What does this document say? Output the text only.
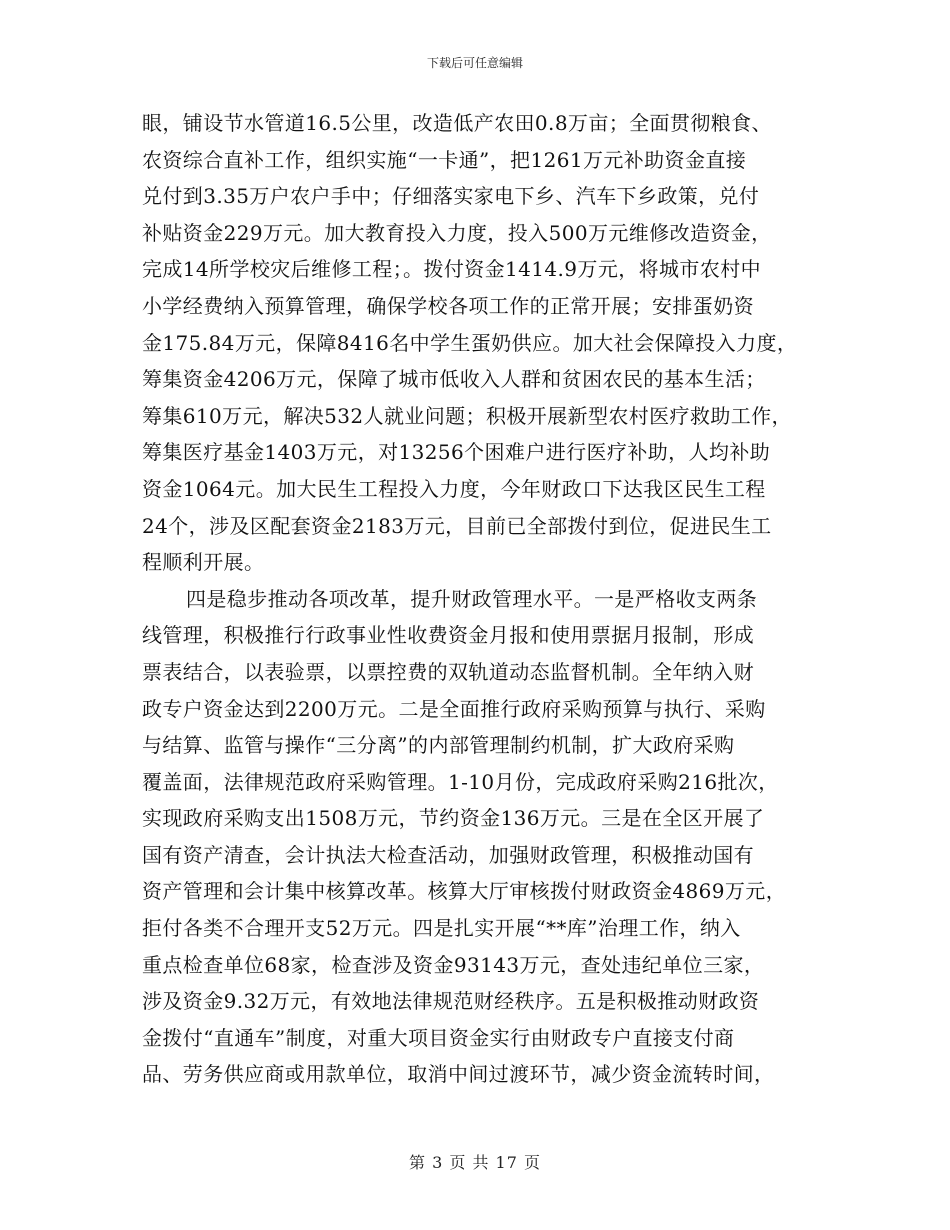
下载后可任意编辑
眼，铺设节水管道16.5公里，改造低产农田0.8万亩；全面贯彻粮食、
农资综合直补工作，组织实施“一卡通”，把1261万元补助资金直接
兑付到3.35万户农户手中；仔细落实家电下乡、汽车下乡政策，兑付
补贴资金229万元。加大教育投入力度，投入500万元维修改造资金，
完成14所学校灾后维修工程；。拨付资金1414.9万元，将城市农村中
小学经费纳入预算管理，确保学校各项工作的正常开展；安排蛋奶资
金175.84万元，保障8416名中学生蛋奶供应。加大社会保障投入力度，
筹集资金4206万元，保障了城市低收入人群和贫困农民的基本生活；
筹集610万元，解决532人就业问题；积极开展新型农村医疗救助工作，
筹集医疗基金1403万元，对13256个困难户进行医疗补助，人均补助
资金1064元。加大民生工程投入力度，今年财政口下达我区民生工程
24个，涉及区配套资金2183万元，目前已全部拨付到位，促进民生工
程顺利开展。
四是稳步推动各项改革，提升财政管理水平。一是严格收支两条
线管理，积极推行行政事业性收费资金月报和使用票据月报制，形成
票表结合，以表验票，以票控费的双轨道动态监督机制。全年纳入财
政专户资金达到2200万元。二是全面推行政府采购预算与执行、采购
与结算、监管与操作“三分离”的内部管理制约机制，扩大政府采购
覆盖面，法律规范政府采购管理。1-10月份，完成政府采购216批次，
实现政府采购支出1508万元，节约资金136万元。三是在全区开展了
国有资产清查，会计执法大检查活动，加强财政管理，积极推动国有
资产管理和会计集中核算改革。核算大厅审核拨付财政资金4869万元，
拒付各类不合理开支52万元。四是扎实开展“**库”治理工作，纳入
重点检查单位68家，检查涉及资金93143万元，查处违纪单位三家，
涉及资金9.32万元，有效地法律规范财经秩序。五是积极推动财政资
金拨付“直通车”制度，对重大项目资金实行由财政专户直接支付商
品、劳务供应商或用款单位，取消中间过渡环节，减少资金流转时间，
第 3 页 共 17 页
